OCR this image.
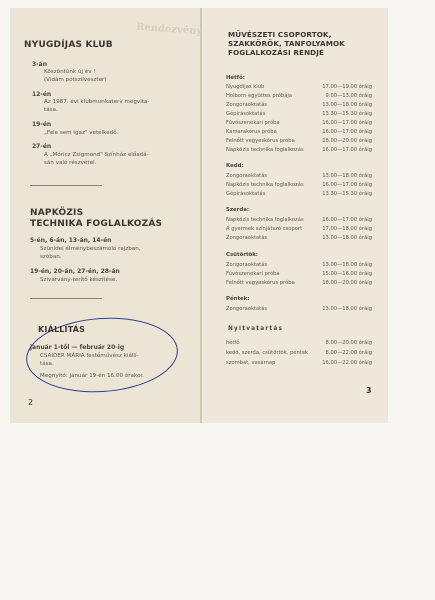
Rendezvény
NYUGDÍJAS KLUB
3-án
Köszöntünk új év !
(Vidám pótszilveszter)
12-én
Az 1987. évi klubmunkaterv megvita-
tása.
19-én
„Fele sem igaz" vetélkedő.
27-én
A „Móricz Zsigmond" Színház előadá-
sán való részvétel.
NAPKÖZIS
TECHNIKA FOGLALKOZÁS
5-én, 6-án, 13-án, 14-én
Szünidei élménybeszámoló rajzban,
szóban.
19-én, 20-án, 27-én, 28-án
Szivárvány-terítő készítése.
KIÁLLÍTÁS
január 1-től — február 20-ig
CSAIDER MÁRIA festőművész kiállí-
tása.
Megnyitó: január 19-én 16.00 órakor.
2
MŰVÉSZETI CSOPORTOK,
SZAKKÖRÖK, TANFOLYAMOK
FOGLALKOZÁSI RENDJE
Hétfő:
Nyugdíjas klub	17.00—19.00 óráig
Holborn együttes próbája	9.00—13.00 óráig
Zongoraoktatás	13.00—18.00 óráig
Gépírásoktatás	13.30—15.30 óráig
Fúvószenekari próba	16.00—17.00 óráig
Kamarakórus próba	16.00—17.00 óráig
Felnőtt vegyeskórus próba	18.00—20.00 óráig
Napközis technika foglalkozás	16.00—17.00 óráig
Kedd:
Zongoraoktatás	13.00—18.00 óráig
Napközis technika foglalkozás	16.00—17.00 óráig
Gépírásoktatás	13.30—15.30 óráig
Szerda:
Napközis technika foglalkozás	16.00—17.00 óráig
A gyermek színjátszó csoport	17.00—18.00 óráig
Zongoraoktatás	13.00—18.00 óráig
Csütörtök:
Zongoraoktatás	13.00—18.00 óráig
Fúvószenekari próba	15.00—16.00 óráig
Felnőtt vegyeskórus próba	18.00—20.00 óráig
Péntek:
Zongoraoktatás	13.00—18.00 óráig
Nyitvatartás
hétfő	8.00—20.00 óráig
kedd, szerda, csütörtök, péntek	8.00—22.00 óráig
szombat, vasárnap	16.00—22.00 óráig
3
